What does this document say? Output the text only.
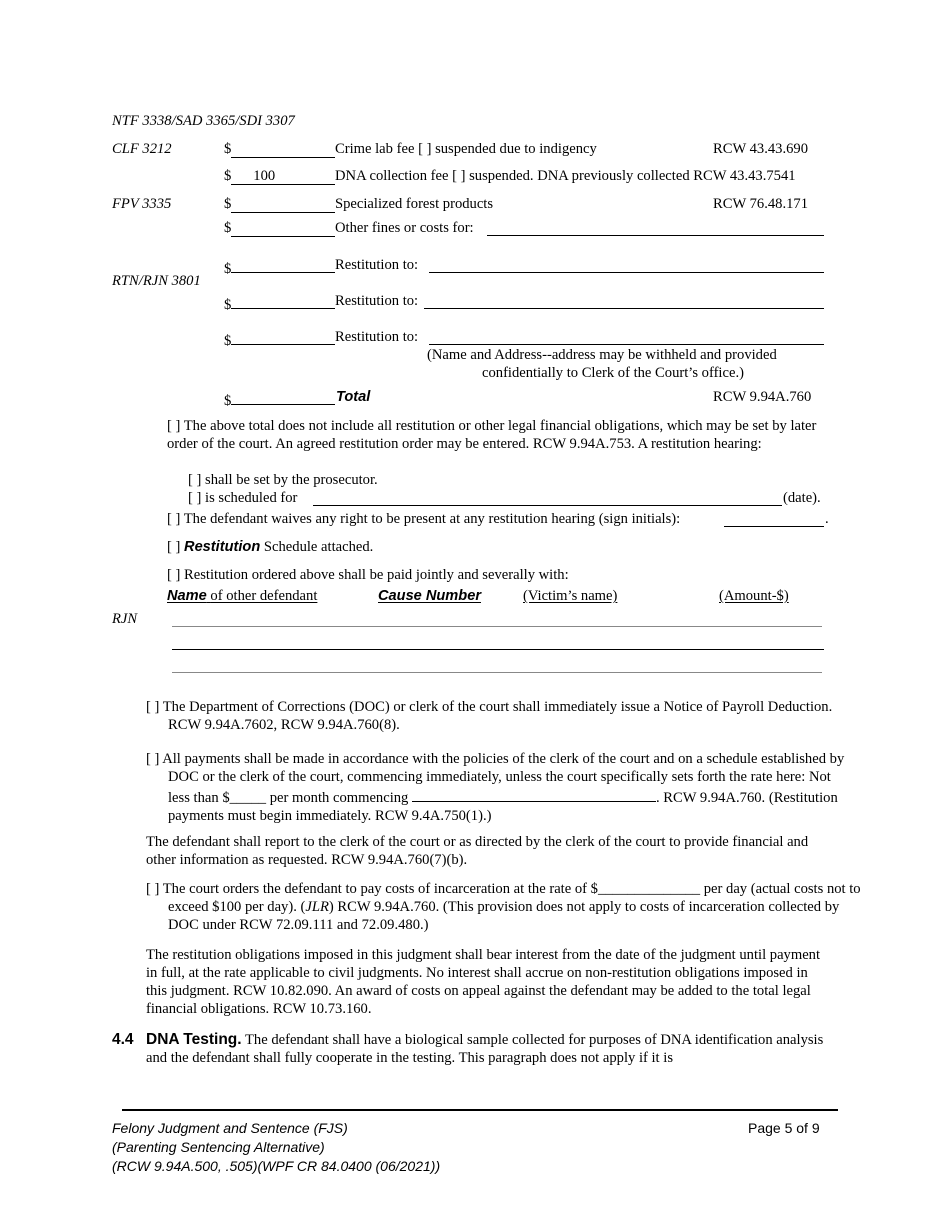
NTF 3338/SAD 3365/SDI 3307
CLF 3212	$	Crime lab fee [ ] suspended due to indigency	RCW 43.43.690
$ 100	DNA collection fee [ ] suspended. DNA previously collected RCW 43.43.7541
FPV 3335	$	Specialized forest products	RCW 76.48.171
$	Other fines or costs for:
RTN/RJN 3801
$	Restitution to:
$	Restitution to:
$	Restitution to:
(Name and Address--address may be withheld and provided
confidentially to Clerk of the Court’s office.)
$	Total	RCW 9.94A.760
[ ] The above total does not include all restitution or other legal financial obligations, which may be set by later order of the court. An agreed restitution order may be entered. RCW 9.94A.753. A restitution hearing:
[ ] shall be set by the prosecutor.
[ ] is scheduled for	(date).
[ ] The defendant waives any right to be present at any restitution hearing (sign initials):	.
[ ] Restitution Schedule attached.
[ ] Restitution ordered above shall be paid jointly and severally with:
Name of other defendant	Cause Number	(Victim’s name)	(Amount-$)
RJN
[ ] The Department of Corrections (DOC) or clerk of the court shall immediately issue a Notice of Payroll Deduction. RCW 9.94A.7602, RCW 9.94A.760(8).
[ ] All payments shall be made in accordance with the policies of the clerk of the court and on a schedule established by DOC or the clerk of the court, commencing immediately, unless the court specifically sets forth the rate here: Not less than $_____ per month commencing	. RCW 9.94A.760. (Restitution payments must begin immediately. RCW 9.4A.750(1).)
The defendant shall report to the clerk of the court or as directed by the clerk of the court to provide financial and other information as requested. RCW 9.94A.760(7)(b).
[ ] The court orders the defendant to pay costs of incarceration at the rate of $______________ per day (actual costs not to exceed $100 per day). (JLR) RCW 9.94A.760. (This provision does not apply to costs of incarceration collected by DOC under RCW 72.09.111 and 72.09.480.)
The restitution obligations imposed in this judgment shall bear interest from the date of the judgment until payment in full, at the rate applicable to civil judgments. No interest shall accrue on non-restitution obligations imposed in this judgment. RCW 10.82.090. An award of costs on appeal against the defendant may be added to the total legal financial obligations. RCW 10.73.160.
4.4 DNA Testing. The defendant shall have a biological sample collected for purposes of DNA identification analysis and the defendant shall fully cooperate in the testing. This paragraph does not apply if it is
Felony Judgment and Sentence (FJS)
(Parenting Sentencing Alternative)
(RCW 9.94A.500, .505)(WPF CR 84.0400 (06/2021))
Page 5 of 9
